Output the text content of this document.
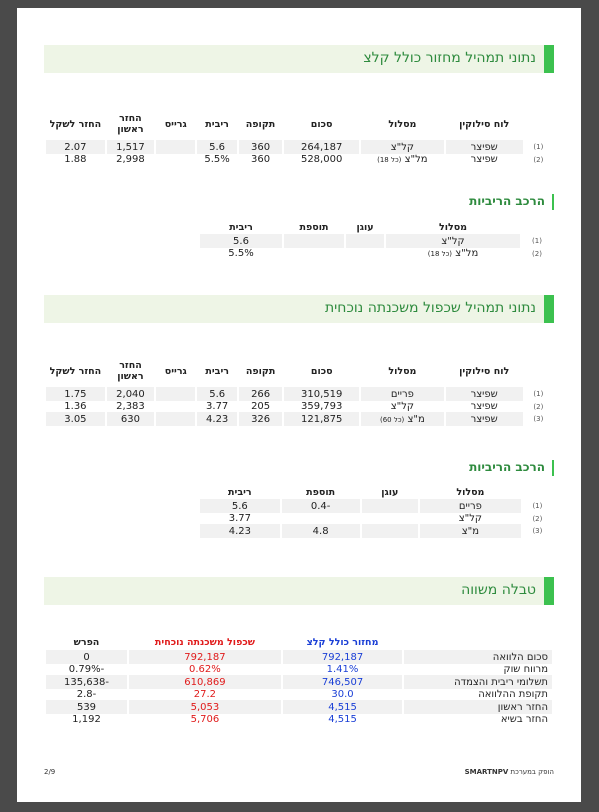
נתוני תמהיל מחזור כולל קלצ
	לוח סילוקין	מסלול	סכום	תקופה	ריבית	גרייס	החזר ראשון	החזר לשקל
(1)	שפיצר	קל"צ	264,187	360	5.6		1,517	2.07
(2)	שפיצר	מל"צ (כל 18)	528,000	360	5.5%		2,998	1.88
הרכב הריביות
	מסלול	עוגן	תוספת	ריבית
(1)	קל"צ			5.6
(2)	מל"צ (כל 18)			5.5%
נתוני תמהיל שכפול משכנתה נוכחית
	לוח סילוקין	מסלול	סכום	תקופה	ריבית	גרייס	החזר ראשון	החזר לשקל
(1)	שפיצר	פריים	310,519	266	5.6		2,040	1.75
(2)	שפיצר	קל"צ	359,793	205	3.77		2,383	1.36
(3)	שפיצר	מ"צ (כל 60)	121,875	326	4.23		630	3.05
הרכב הריביות
	מסלול	עוגן	תוספת	ריבית
(1)	פריים		-0.4	5.6
(2)	קל"צ			3.77
(3)	מ"צ		4.8	4.23
טבלה משווה
	מחזור כולל קלצ	שכפול משכנתה נוכחית	הפרש
סכום הלוואה	792,187	792,187	0
מרווח שוק	1.41%	0.62%	-0.79%
תשלומי ריבית והצמדה	746,507	610,869	-135,638
תקופת ההלוואה	30.0	27.2	-2.8
החזר ראשון	4,515	5,053	539
החזר בשיא	4,515	5,706	1,192
הופק במערכת SMARTNPV
2/9
